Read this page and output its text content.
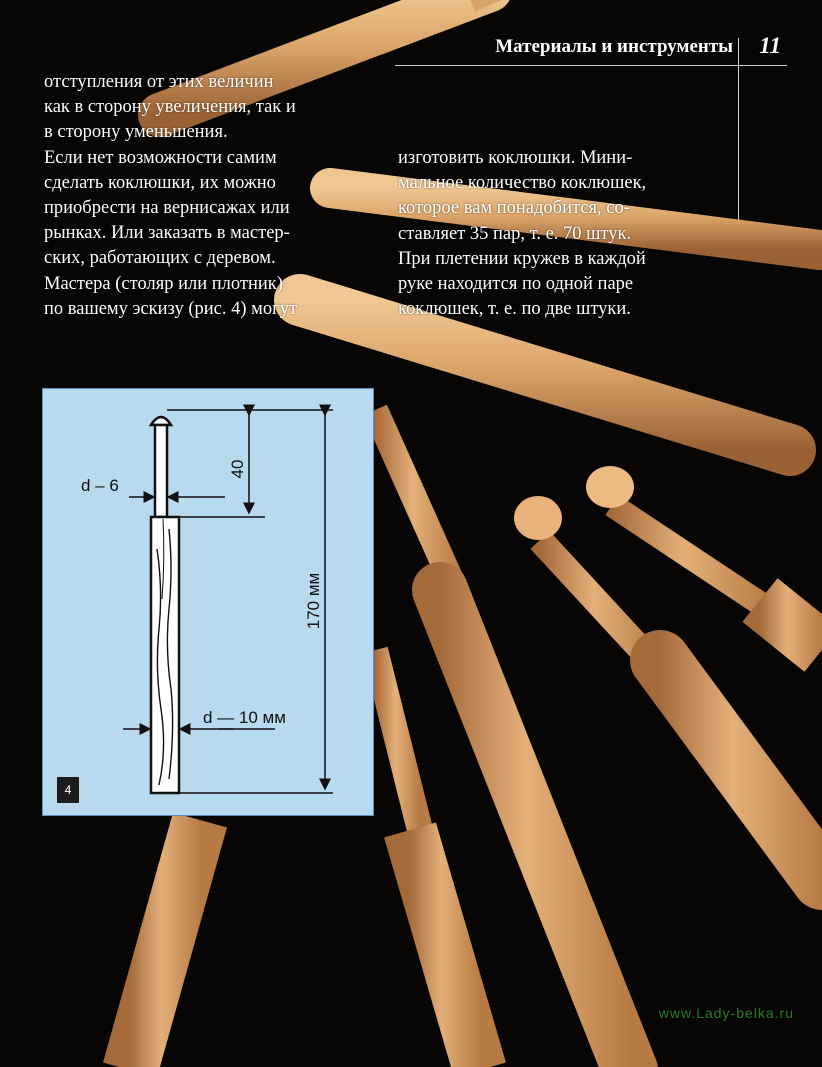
Материалы и инструменты 11
отступления от этих величин
как в сторону увеличения, так и
в сторону уменьшения.
Если нет возможности самим
сделать коклюшки, их можно
приобрести на вернисажах или
рынках. Или заказать в мастер-
ских, работающих с деревом.
Мастера (столяр или плотник)
по вашему эскизу (рис. 4) могут
изготовить коклюшки. Мини-
мальное количество коклюшек,
которое вам понадобится, со-
ставляет 35 пар, т. е. 70 штук.
При плетении кружев в каждой
руке находится по одной паре
коклюшек, т. е. по две штуки.
40
170 мм
d – 6
d — 10 мм
4
www.Lady-belka.ru
